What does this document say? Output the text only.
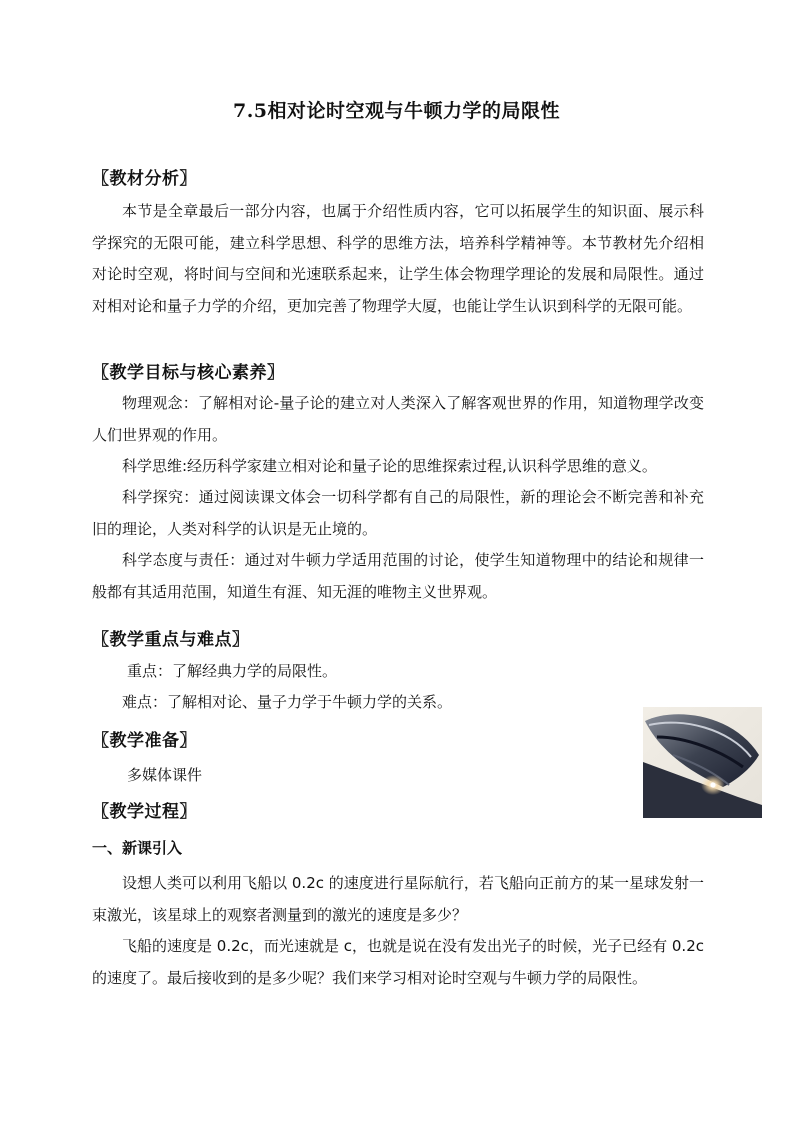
7.5相对论时空观与牛顿力学的局限性
〖教材分析〗
本节是全章最后一部分内容，也属于介绍性质内容，它可以拓展学生的知识面、展示科学探究的无限可能，建立科学思想、科学的思维方法，培养科学精神等。本节教材先介绍相对论时空观，将时间与空间和光速联系起来，让学生体会物理学理论的发展和局限性。通过对相对论和量子力学的介绍，更加完善了物理学大厦，也能让学生认识到科学的无限可能。
〖教学目标与核心素养〗
物理观念：了解相对论-量子论的建立对人类深入了解客观世界的作用，知道物理学改变人们世界观的作用。
科学思维:经历科学家建立相对论和量子论的思维探索过程,认识科学思维的意义。
科学探究：通过阅读课文体会一切科学都有自己的局限性，新的理论会不断完善和补充旧的理论，人类对科学的认识是无止境的。
科学态度与责任：通过对牛顿力学适用范围的讨论，使学生知道物理中的结论和规律一般都有其适用范围，知道生有涯、知无涯的唯物主义世界观。
〖教学重点与难点〗
重点：了解经典力学的局限性。
难点：了解相对论、量子力学于牛顿力学的关系。
〖教学准备〗
多媒体课件
〖教学过程〗
一、新课引入
设想人类可以利用飞船以 0.2c 的速度进行星际航行，若飞船向正前方的某一星球发射一束激光，该星球上的观察者测量到的激光的速度是多少？
飞船的速度是 0.2c，而光速就是 c，也就是说在没有发出光子的时候，光子已经有 0.2c 的速度了。最后接收到的是多少呢？我们来学习相对论时空观与牛顿力学的局限性。
